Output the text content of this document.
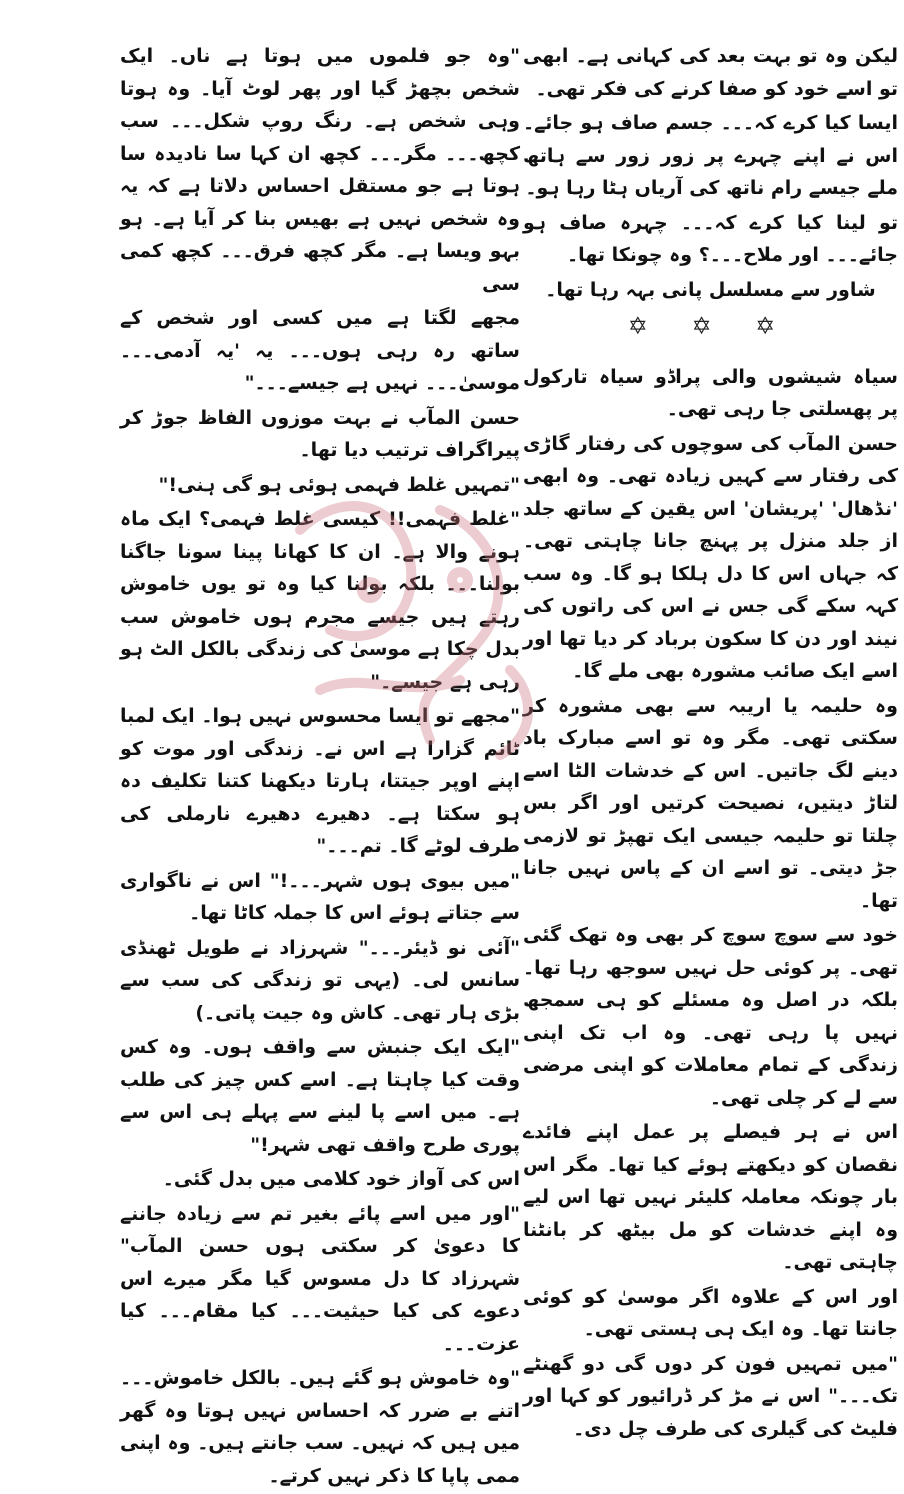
لیکن وہ تو بہت بعد کی کہانی ہے۔ ابھی تو اسے خود کو صفا کرنے کی فکر تھی۔

ایسا کیا کرے کہ۔۔۔ جسم صاف ہو جائے۔ اس نے اپنے چہرے پر زور زور سے ہاتھ ملے جیسے رام ناتھ کی آریاں ہٹا رہا ہو۔

تو لینا کیا کرے کہ۔۔۔ چہرہ صاف ہو جائے۔۔۔ اور ملاح۔۔۔؟ وہ چونکا تھا۔

شاور سے مسلسل پانی بہہ رہا تھا۔

✡ ✡ ✡

سیاہ شیشوں والی پراڈو سیاہ تارکول پر پھسلتی جا رہی تھی۔

حسن المآب کی سوچوں کی رفتار گاڑی کی رفتار سے کہیں زیادہ تھی۔ وہ ابھی 'نڈھال' 'پریشان' اس یقین کے ساتھ جلد از جلد منزل پر پہنچ جانا چاہتی تھی۔ کہ جہاں اس کا دل ہلکا ہو گا۔ وہ سب کہہ سکے گی جس نے اس کی راتوں کی نیند اور دن کا سکون برباد کر دیا تھا اور اسے ایک صائب مشورہ بھی ملے گا۔

وہ حلیمہ یا اریبہ سے بھی مشورہ کر سکتی تھی۔ مگر وہ تو اسے مبارک باد دینے لگ جاتیں۔ اس کے خدشات الٹا اسے لتاڑ دیتیں، نصیحت کرتیں اور اگر بس چلتا تو حلیمہ جیسی ایک تھپڑ تو لازمی جڑ دیتی۔ تو اسے ان کے پاس نہیں جانا تھا۔

خود سے سوچ سوچ کر بھی وہ تھک گئی تھی۔ پر کوئی حل نہیں سوجھ رہا تھا۔ بلکہ در اصل وہ مسئلے کو ہی سمجھ نہیں پا رہی تھی۔ وہ اب تک اپنی زندگی کے تمام معاملات کو اپنی مرضی سے لے کر چلی تھی۔

اس نے ہر فیصلے پر عمل اپنے فائدے نقصان کو دیکھتے ہوئے کیا تھا۔ مگر اس بار چونکہ معاملہ کلیئر نہیں تھا اس لیے وہ اپنے خدشات کو مل بیٹھ کر بانٹنا چاہتی تھی۔

اور اس کے علاوہ اگر موسیٰ کو کوئی جانتا تھا۔ وہ ایک ہی ہستی تھی۔

"میں تمہیں فون کر دوں گی دو گھنٹے تک۔۔۔" اس نے مڑ کر ڈرائیور کو کہا اور فلیٹ کی گیلری کی طرف چل دی۔

"وہ جو فلموں میں ہوتا ہے ناں۔ ایک شخص بچھڑ گیا اور پھر لوٹ آیا۔ وہ ہوتا وہی شخص ہے۔ رنگ روپ شکل۔۔۔ سب کچھ۔۔۔ مگر۔۔۔ کچھ ان کہا سا نادیدہ سا ہوتا ہے جو مستقل احساس دلاتا ہے کہ یہ وہ شخص نہیں ہے بھیس بنا کر آیا ہے۔ ہو بہو ویسا ہے۔ مگر کچھ فرق۔۔۔ کچھ کمی سی

مجھے لگتا ہے میں کسی اور شخص کے ساتھ رہ رہی ہوں۔۔۔ یہ 'یہ آدمی۔۔۔ موسیٰ۔۔۔ نہیں ہے جیسے۔۔۔"

حسن المآب نے بہت موزوں الفاظ جوڑ کر پیراگراف ترتیب دیا تھا۔

"تمہیں غلط فہمی ہوئی ہو گی ہنی!"

"غلط فہمی!! کیسی غلط فہمی؟ ایک ماہ ہونے والا ہے۔ ان کا کھانا پینا سونا جاگنا بولنا۔۔۔ بلکہ بولنا کیا وہ تو یوں خاموش رہتے ہیں جیسے مجرم ہوں خاموش سب بدل چکا ہے موسیٰ کی زندگی بالکل الٹ ہو رہی ہے جیسے۔"

"مجھے تو ایسا محسوس نہیں ہوا۔ ایک لمبا ٹائم گزارا ہے اس نے۔ زندگی اور موت کو اپنے اوپر جیتتا، ہارتا دیکھنا کتنا تکلیف دہ ہو سکتا ہے۔ دھیرے دھیرے نارملی کی طرف لوٹے گا۔ تم۔۔۔"

"میں بیوی ہوں شہر۔۔۔!" اس نے ناگواری سے جتاتے ہوئے اس کا جملہ کاٹا تھا۔

"آئی نو ڈیئر۔۔۔" شہرزاد نے طویل ٹھنڈی سانس لی۔ (یہی تو زندگی کی سب سے بڑی ہار تھی۔ کاش وہ جیت پاتی۔)

"ایک ایک جنبش سے واقف ہوں۔ وہ کس وقت کیا چاہتا ہے۔ اسے کس چیز کی طلب ہے۔ میں اسے پا لینے سے پہلے ہی اس سے پوری طرح واقف تھی شہر!"

اس کی آواز خود کلامی میں بدل گئی۔

"اور میں اسے پائے بغیر تم سے زیادہ جاننے کا دعویٰ کر سکتی ہوں حسن المآب" شہرزاد کا دل مسوس گیا مگر میرے اس دعوے کی کیا حیثیت۔۔۔ کیا مقام۔۔۔ کیا عزت۔۔۔

"وہ خاموش ہو گئے ہیں۔ بالکل خاموش۔۔۔ اتنے بے ضرر کہ احساس نہیں ہوتا وہ گھر میں ہیں کہ نہیں۔ سب جانتے ہیں۔ وہ اپنی ممی پاپا کا ذکر نہیں کرتے۔
